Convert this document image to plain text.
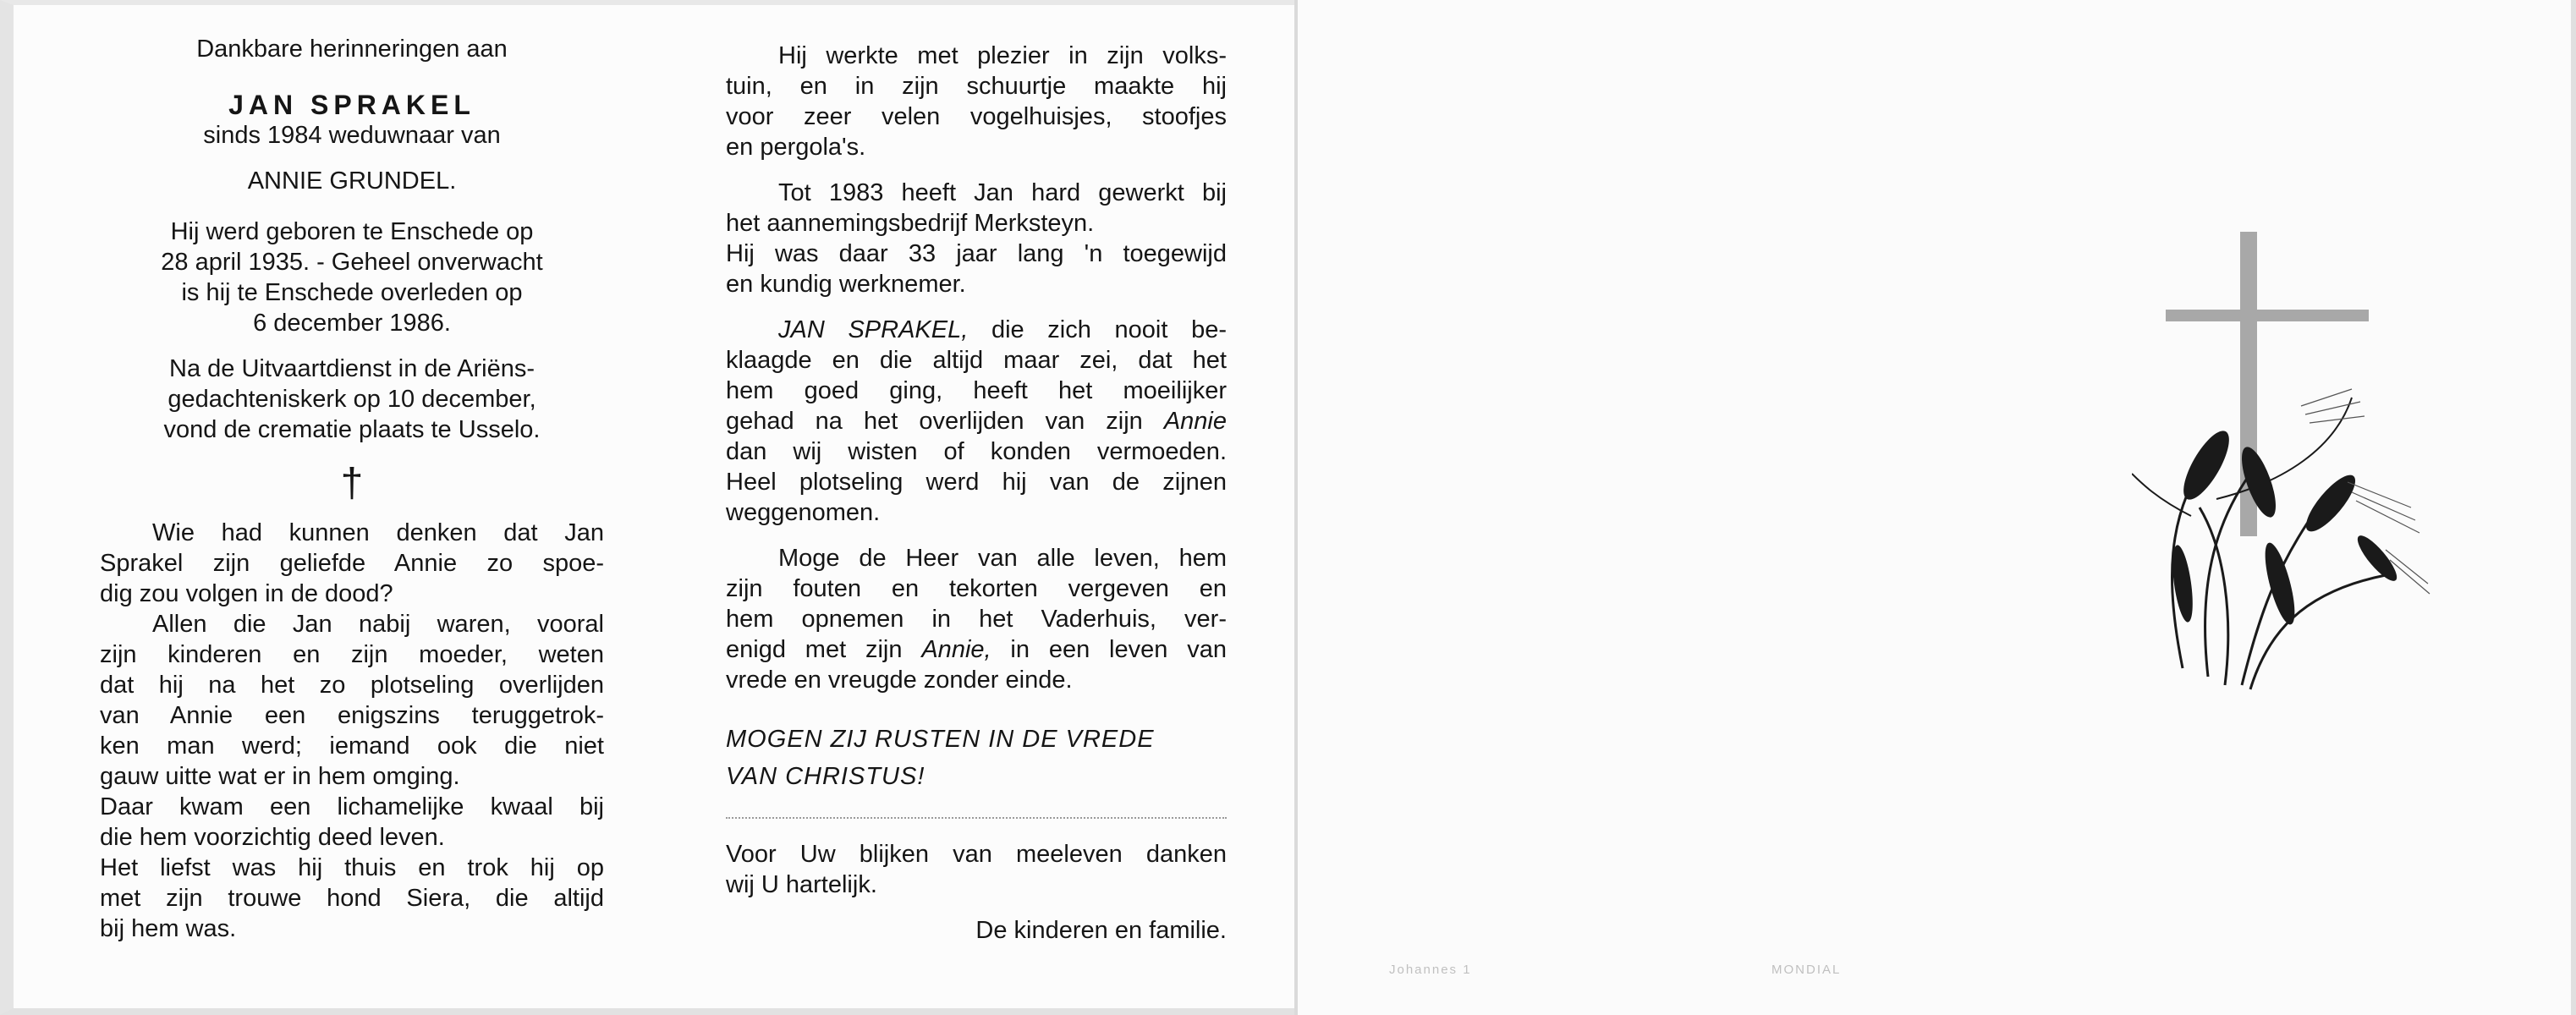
Dankbare herinneringen aan

JAN SPRAKEL

sinds 1984 weduwnaar van

ANNIE GRUNDEL.

Hij werd geboren te Enschede op

28 april 1935. - Geheel onverwacht

is hij te Enschede overleden op

6 december 1986.

Na de Uitvaartdienst in de Ariëns-

gedachteniskerk op 10 december,

vond de crematie plaats te Usselo.

†

Wie had kunnen denken dat Jan

Sprakel zijn geliefde Annie zo spoe-

dig zou volgen in de dood?

Allen die Jan nabij waren, vooral

zijn kinderen en zijn moeder, weten

dat hij na het zo plotseling overlijden

van Annie een enigszins teruggetrok-

ken man werd; iemand ook die niet

gauw uitte wat er in hem omging.

Daar kwam een lichamelijke kwaal bij

die hem voorzichtig deed leven.

Het liefst was hij thuis en trok hij op

met zijn trouwe hond Siera, die altijd

bij hem was.

Hij werkte met plezier in zijn volks-

tuin, en in zijn schuurtje maakte hij

voor zeer velen vogelhuisjes, stoofjes

en pergola's.

Tot 1983 heeft Jan hard gewerkt bij

het aannemingsbedrijf Merksteyn.

Hij was daar 33 jaar lang 'n toegewijd

en kundig werknemer.

JAN SPRAKEL, die zich nooit be-

klaagde en die altijd maar zei, dat het

hem goed ging, heeft het moeilijker

gehad na het overlijden van zijn Annie

dan wij wisten of konden vermoeden.

Heel plotseling werd hij van de zijnen

weggenomen.

Moge de Heer van alle leven, hem

zijn fouten en tekorten vergeven en

hem opnemen in het Vaderhuis, ver-

enigd met zijn Annie, in een leven van

vrede en vreugde zonder einde.

MOGEN ZIJ RUSTEN IN DE VREDE

VAN CHRISTUS!

Voor Uw blijken van meeleven danken

wij U hartelijk.

De kinderen en familie.

Johannes 1	MONDIAL
